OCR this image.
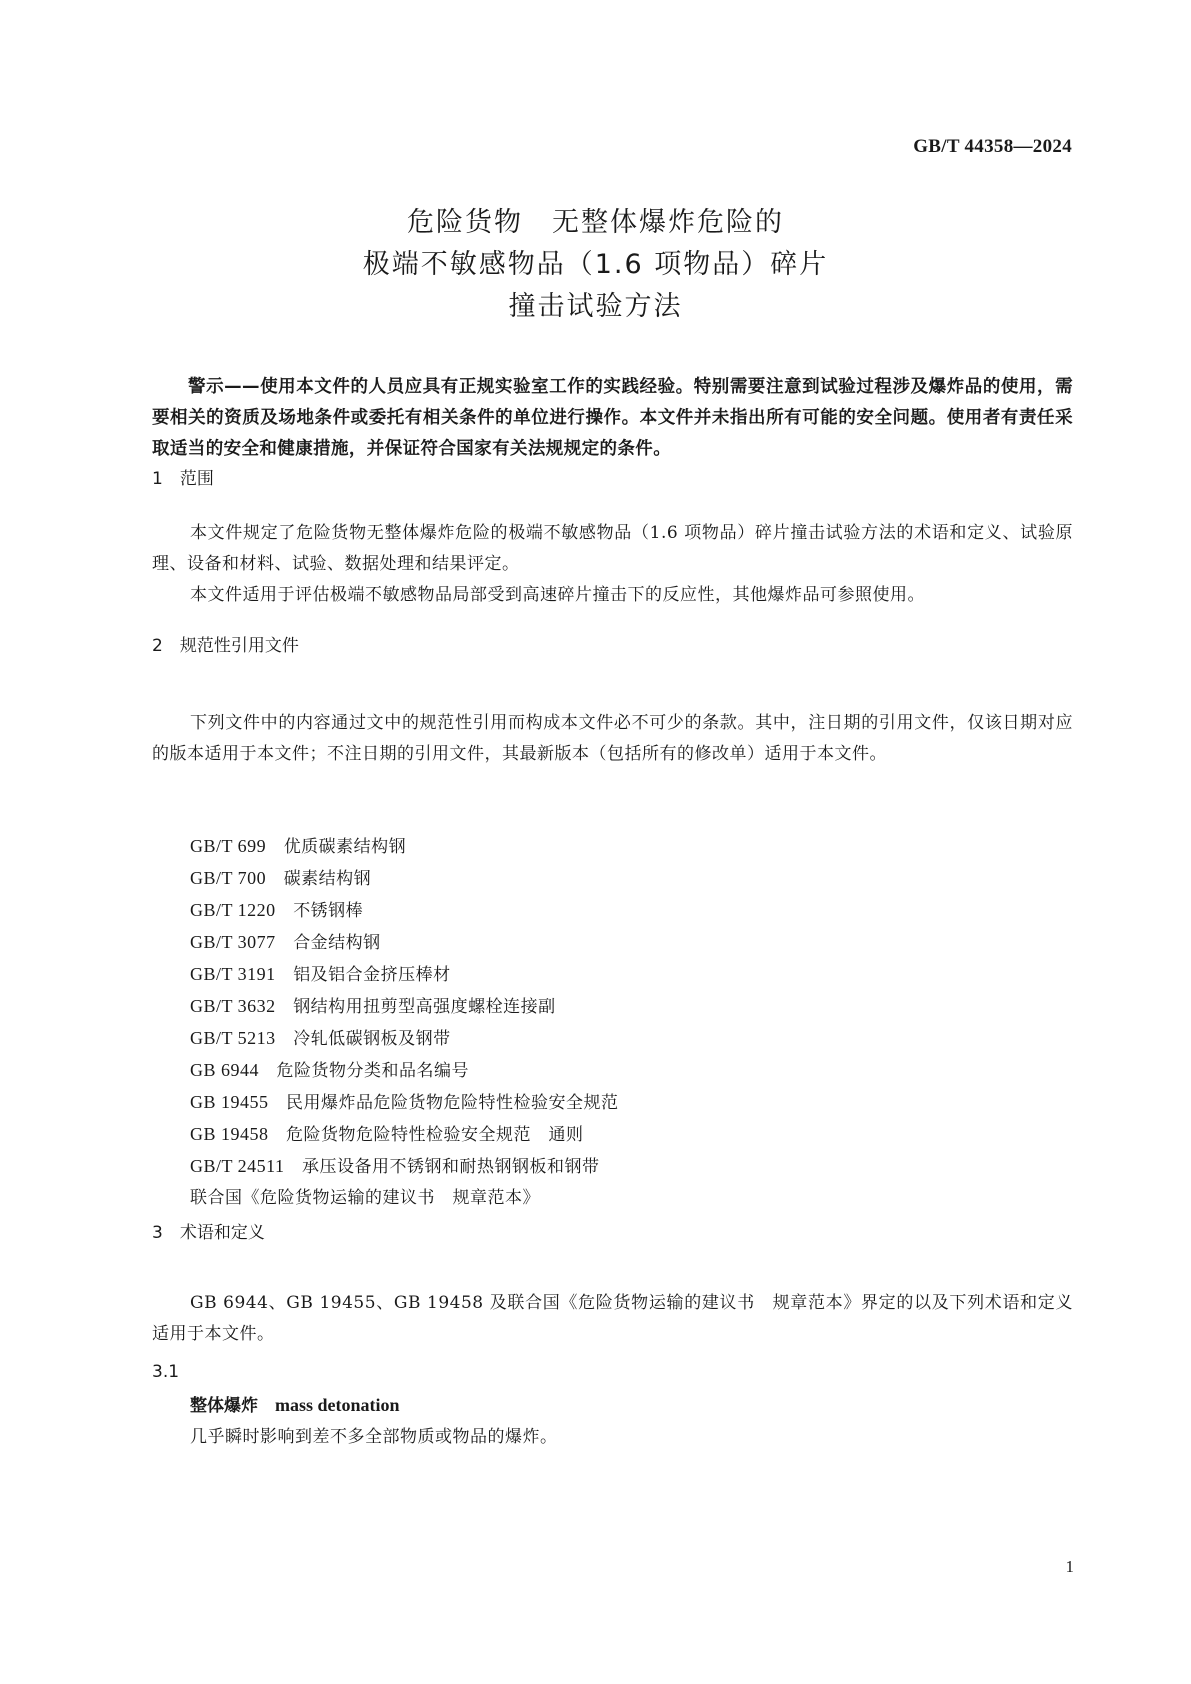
GB/T 44358—2024
危险货物　无整体爆炸危险的
极端不敏感物品（1.6 项物品）碎片
撞击试验方法
警示——使用本文件的人员应具有正规实验室工作的实践经验。特别需要注意到试验过程涉及爆炸品的使用，需要相关的资质及场地条件或委托有相关条件的单位进行操作。本文件并未指出所有可能的安全问题。使用者有责任采取适当的安全和健康措施，并保证符合国家有关法规规定的条件。
1　范围
本文件规定了危险货物无整体爆炸危险的极端不敏感物品（1.6 项物品）碎片撞击试验方法的术语和定义、试验原理、设备和材料、试验、数据处理和结果评定。
本文件适用于评估极端不敏感物品局部受到高速碎片撞击下的反应性，其他爆炸品可参照使用。
2　规范性引用文件
下列文件中的内容通过文中的规范性引用而构成本文件必不可少的条款。其中，注日期的引用文件，仅该日期对应的版本适用于本文件；不注日期的引用文件，其最新版本（包括所有的修改单）适用于本文件。
GB/T 699　 优质碳素结构钢
GB/T 700　 碳素结构钢
GB/T 1220　 不锈钢棒
GB/T 3077　 合金结构钢
GB/T 3191　 铝及铝合金挤压棒材
GB/T 3632　 钢结构用扭剪型高强度螺栓连接副
GB/T 5213　 冷轧低碳钢板及钢带
GB 6944　 危险货物分类和品名编号
GB 19455　 民用爆炸品危险货物危险特性检验安全规范
GB 19458　 危险货物危险特性检验安全规范　通则
GB/T 24511　 承压设备用不锈钢和耐热钢钢板和钢带
联合国《危险货物运输的建议书　规章范本》
3　术语和定义
GB 6944、GB 19455、GB 19458 及联合国《危险货物运输的建议书　规章范本》界定的以及下列术语和定义适用于本文件。
3.1
整体爆炸　 mass detonation
几乎瞬时影响到差不多全部物质或物品的爆炸。
1
